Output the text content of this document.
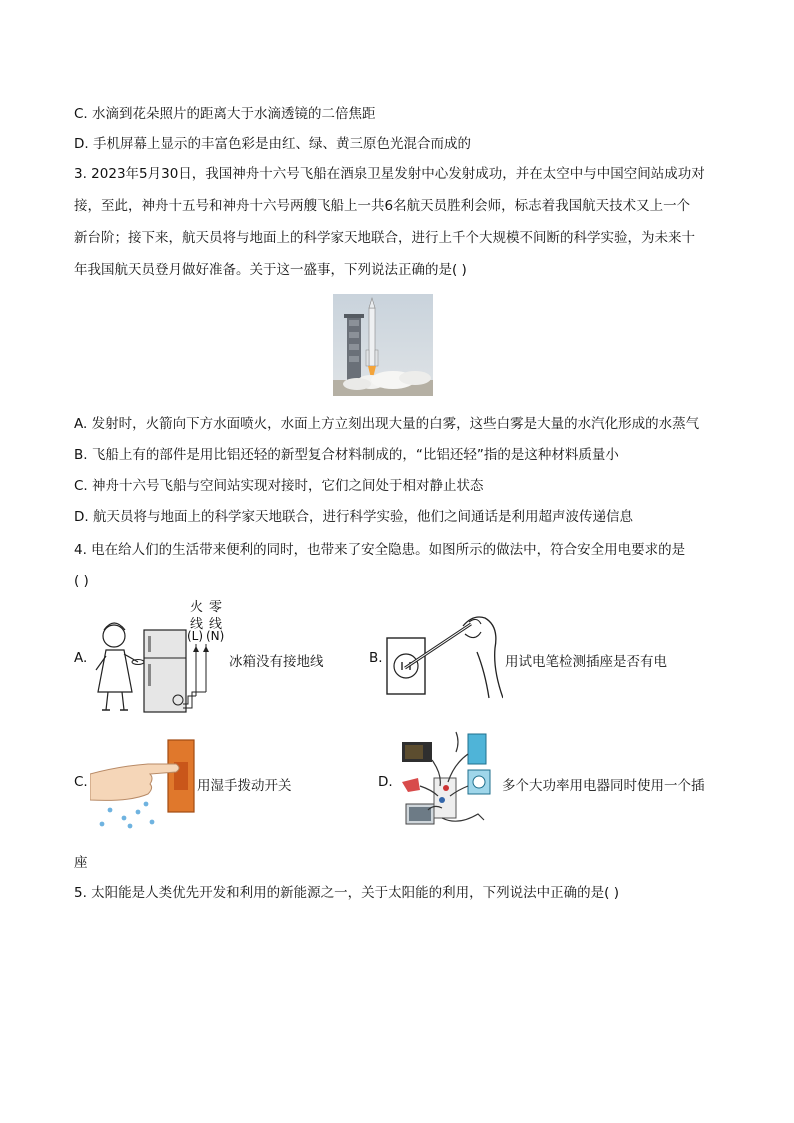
C. 水滴到花朵照片的距离大于水滴透镜的二倍焦距
D. 手机屏幕上显示的丰富色彩是由红、绿、黄三原色光混合而成的
3. 2023年5月30日，我国神舟十六号飞船在酒泉卫星发射中心发射成功，并在太空中与中国空间站成功对
接，至此，神舟十五号和神舟十六号两艘飞船上一共6名航天员胜利会师，标志着我国航天技术又上一个
新台阶；接下来，航天员将与地面上的科学家天地联合，进行上千个大规模不间断的科学实验，为未来十
年我国航天员登月做好准备。关于这一盛事，下列说法正确的是( )
A. 发射时，火箭向下方水面喷火，水面上方立刻出现大量的白雾，这些白雾是大量的水汽化形成的水蒸气
B. 飞船上有的部件是用比铝还轻的新型复合材料制成的，“比铝还轻”指的是这种材料质量小
C. 神舟十六号飞船与空间站实现对接时，它们之间处于相对静止状态
D. 航天员将与地面上的科学家天地联合，进行科学实验，他们之间通话是利用超声波传递信息
4. 电在给人们的生活带来便利的同时，也带来了安全隐患。如图所示的做法中，符合安全用电要求的是
( )
A.
火 零
线 线
(L) (N)
冰箱没有接地线	B.	用试电笔检测插座是否有电
C.	用湿手拨动开关	D.	多个大功率用电器同时使用一个插
座
5. 太阳能是人类优先开发和利用的新能源之一，关于太阳能的利用，下列说法中正确的是( )
